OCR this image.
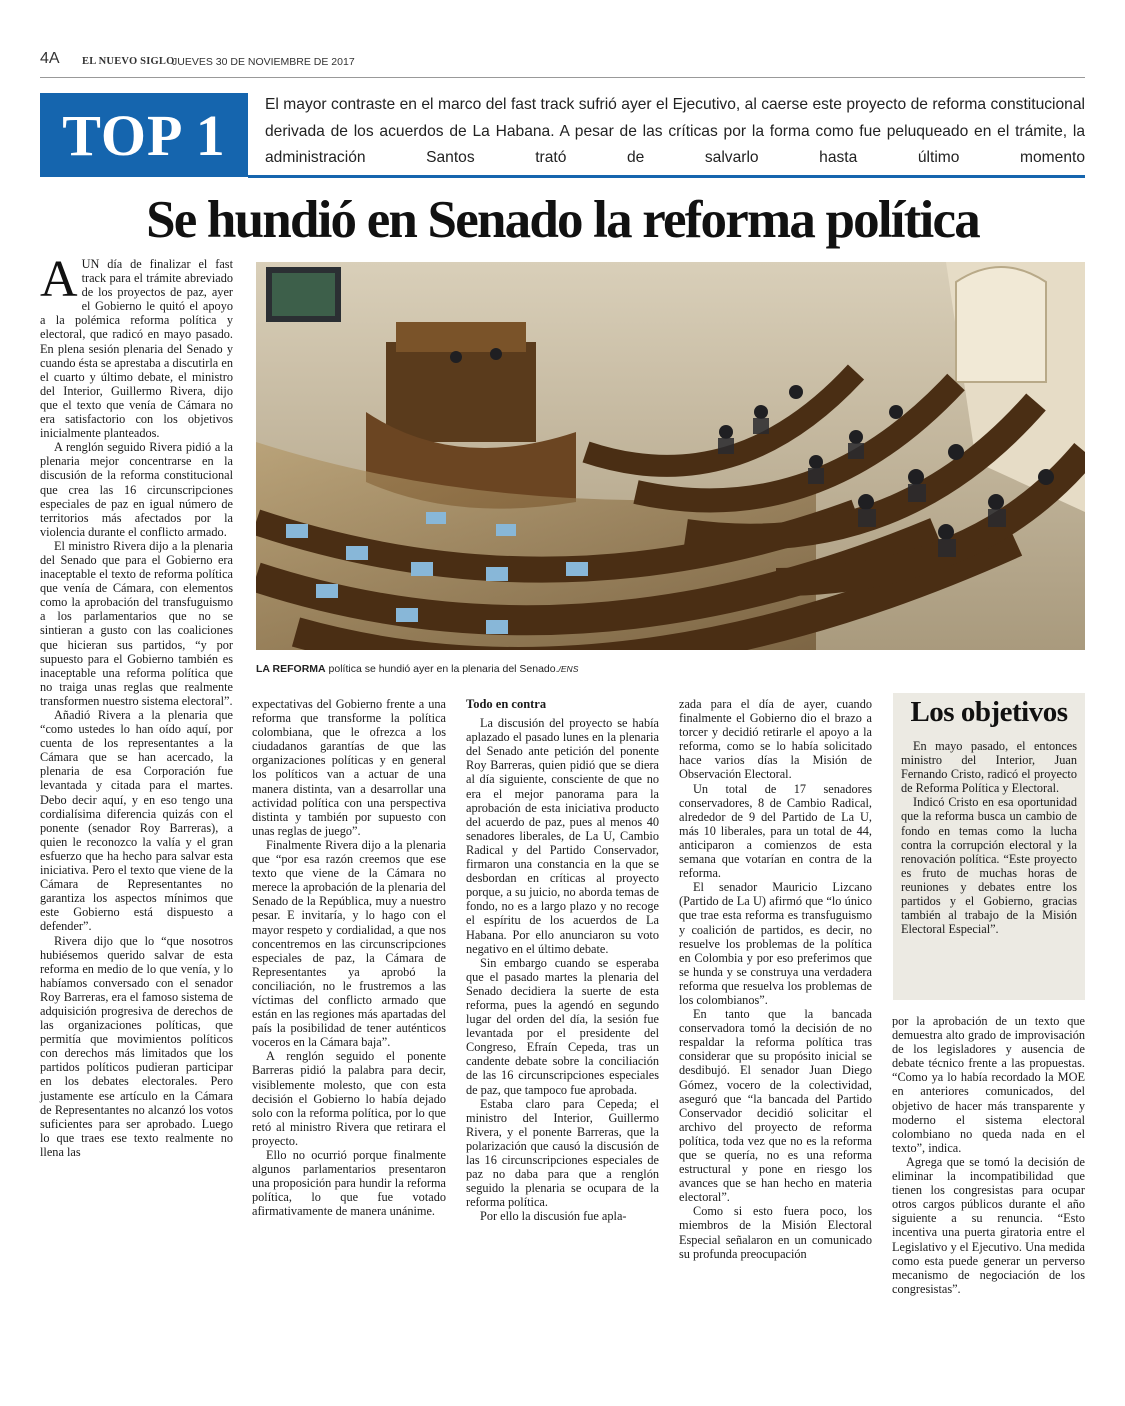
4A EL NUEVO SIGLO
JUEVES 30 DE NOVIEMBRE DE 2017
TOP 1	El mayor contraste en el marco del fast track sufrió ayer el Ejecutivo, al caerse este proyecto de reforma constitucional derivada de los acuerdos de La Habana. A pesar de las críticas por la forma como fue peluqueado en el trámite, la administración Santos trató de salvarlo hasta último momento
Se hundió en Senado la reforma política
LA REFORMA política se hundió ayer en la plenaria del Senado./ENS

AUN día de finalizar el fast track para el trámite abreviado de los proyectos de paz, ayer el Gobierno le quitó el apoyo a la polémica reforma política y electoral, que radicó en mayo pasado. En plena sesión plenaria del Senado y cuando ésta se aprestaba a discutirla en el cuarto y último debate, el ministro del Interior, Guillermo Rivera, dijo que el texto que venía de Cámara no era satisfactorio con los objetivos inicialmente planteados.

A renglón seguido Rivera pidió a la plenaria mejor concentrarse en la discusión de la reforma constitucional que crea las 16 circunscripciones especiales de paz en igual número de territorios más afectados por la violencia durante el conflicto armado.

El ministro Rivera dijo a la plenaria del Senado que para el Gobierno era inaceptable el texto de reforma política que venía de Cámara, con elementos como la aprobación del transfuguismo a los parlamentarios que no se sintieran a gusto con las coaliciones que hicieran sus partidos, “y por supuesto para el Gobierno también es inaceptable una reforma política que no traiga unas reglas que realmente transformen nuestro sistema electoral”.

Añadió Rivera a la plenaria que “como ustedes lo han oído aquí, por cuenta de los representantes a la Cámara que se han acercado, la plenaria de esa Corporación fue levantada y citada para el martes. Debo decir aquí, y en eso tengo una cordialísima diferencia quizás con el ponente (senador Roy Barreras), a quien le reconozco la valía y el gran esfuerzo que ha hecho para salvar esta iniciativa. Pero el texto que viene de la Cámara de Representantes no garantiza los aspectos mínimos que este Gobierno está dispuesto a defender”.

Rivera dijo que lo “que nosotros hubiésemos querido salvar de esta reforma en medio de lo que venía, y lo habíamos conversado con el senador Roy Barreras, era el famoso sistema de adquisición progresiva de derechos de las organizaciones políticas, que permitía que movimientos políticos con derechos más limitados que los partidos políticos pudieran participar en los debates electorales. Pero justamente ese artículo en la Cámara de Representantes no alcanzó los votos suficientes para ser aprobado. Luego lo que traes ese texto realmente no llena las

expectativas del Gobierno frente a una reforma que transforme la política colombiana, que le ofrezca a los ciudadanos garantías de que las organizaciones políticas y en general los políticos van a actuar de una manera distinta, van a desarrollar una actividad política con una perspectiva distinta y también por supuesto con unas reglas de juego”.

Finalmente Rivera dijo a la plenaria que “por esa razón creemos que ese texto que viene de la Cámara no merece la aprobación de la plenaria del Senado de la República, muy a nuestro pesar. E invitaría, y lo hago con el mayor respeto y cordialidad, a que nos concentremos en las circunscripciones especiales de paz, la Cámara de Representantes ya aprobó la conciliación, no le frustremos a las víctimas del conflicto armado que están en las regiones más apartadas del país la posibilidad de tener auténticos voceros en la Cámara baja”.

A renglón seguido el ponente Barreras pidió la palabra para decir, visiblemente molesto, que con esta decisión el Gobierno lo había dejado solo con la reforma política, por lo que retó al ministro Rivera que retirara el proyecto.

Ello no ocurrió porque finalmente algunos parlamentarios presentaron una proposición para hundir la reforma política, lo que fue votado afirmativamente de manera unánime.

Todo en contra

La discusión del proyecto se había aplazado el pasado lunes en la plenaria del Senado ante petición del ponente Roy Barreras, quien pidió que se diera al día siguiente, consciente de que no era el mejor panorama para la aprobación de esta iniciativa producto del acuerdo de paz, pues al menos 40 senadores liberales, de La U, Cambio Radical y del Partido Conservador, firmaron una constancia en la que se desbordan en críticas al proyecto porque, a su juicio, no aborda temas de fondo, no es a largo plazo y no recoge el espíritu de los acuerdos de La Habana. Por ello anunciaron su voto negativo en el último debate.

Sin embargo cuando se esperaba que el pasado martes la plenaria del Senado decidiera la suerte de esta reforma, pues la agendó en segundo lugar del orden del día, la sesión fue levantada por el presidente del Congreso, Efraín Cepeda, tras un candente debate sobre la conciliación de las 16 circunscripciones especiales de paz, que tampoco fue aprobada.

Estaba claro para Cepeda; el ministro del Interior, Guillermo Rivera, y el ponente Barreras, que la polarización que causó la discusión de las 16 circunscripciones especiales de paz no daba para que a renglón seguido la plenaria se ocupara de la reforma política.

Por ello la discusión fue apla-

zada para el día de ayer, cuando finalmente el Gobierno dio el brazo a torcer y decidió retirarle el apoyo a la reforma, como se lo había solicitado hace varios días la Misión de Observación Electoral.

Un total de 17 senadores conservadores, 8 de Cambio Radical, alrededor de 9 del Partido de La U, más 10 liberales, para un total de 44, anticiparon a comienzos de esta semana que votarían en contra de la reforma.

El senador Mauricio Lizcano (Partido de La U) afirmó que “lo único que trae esta reforma es transfuguismo y coalición de partidos, es decir, no resuelve los problemas de la política en Colombia y por eso preferimos que se hunda y se construya una verdadera reforma que resuelva los problemas de los colombianos”.

En tanto que la bancada conservadora tomó la decisión de no respaldar la reforma política tras considerar que su propósito inicial se desdibujó. El senador Juan Diego Gómez, vocero de la colectividad, aseguró que “la bancada del Partido Conservador decidió solicitar el archivo del proyecto de reforma política, toda vez que no es la reforma que se quería, no es una reforma estructural y pone en riesgo los avances que se han hecho en materia electoral”.

Como si esto fuera poco, los miembros de la Misión Electoral Especial señalaron en un comunicado su profunda preocupación

Los objetivos

En mayo pasado, el entonces ministro del Interior, Juan Fernando Cristo, radicó el proyecto de Reforma Política y Electoral.

Indicó Cristo en esa oportunidad que la reforma busca un cambio de fondo en temas como la lucha contra la corrupción electoral y la renovación política. “Este proyecto es fruto de muchas horas de reuniones y debates entre los partidos y el Gobierno, gracias también al trabajo de la Misión Electoral Especial”.

por la aprobación de un texto que demuestra alto grado de improvisación de los legisladores y ausencia de debate técnico frente a las propuestas. “Como ya lo había recordado la MOE en anteriores comunicados, del objetivo de hacer más transparente y moderno el sistema electoral colombiano no queda nada en el texto”, indica.

Agrega que se tomó la decisión de eliminar la incompatibilidad que tienen los congresistas para ocupar otros cargos públicos durante el año siguiente a su renuncia. “Esto incentiva una puerta giratoria entre el Legislativo y el Ejecutivo. Una medida como esta puede generar un perverso mecanismo de negociación de los congresistas”.
